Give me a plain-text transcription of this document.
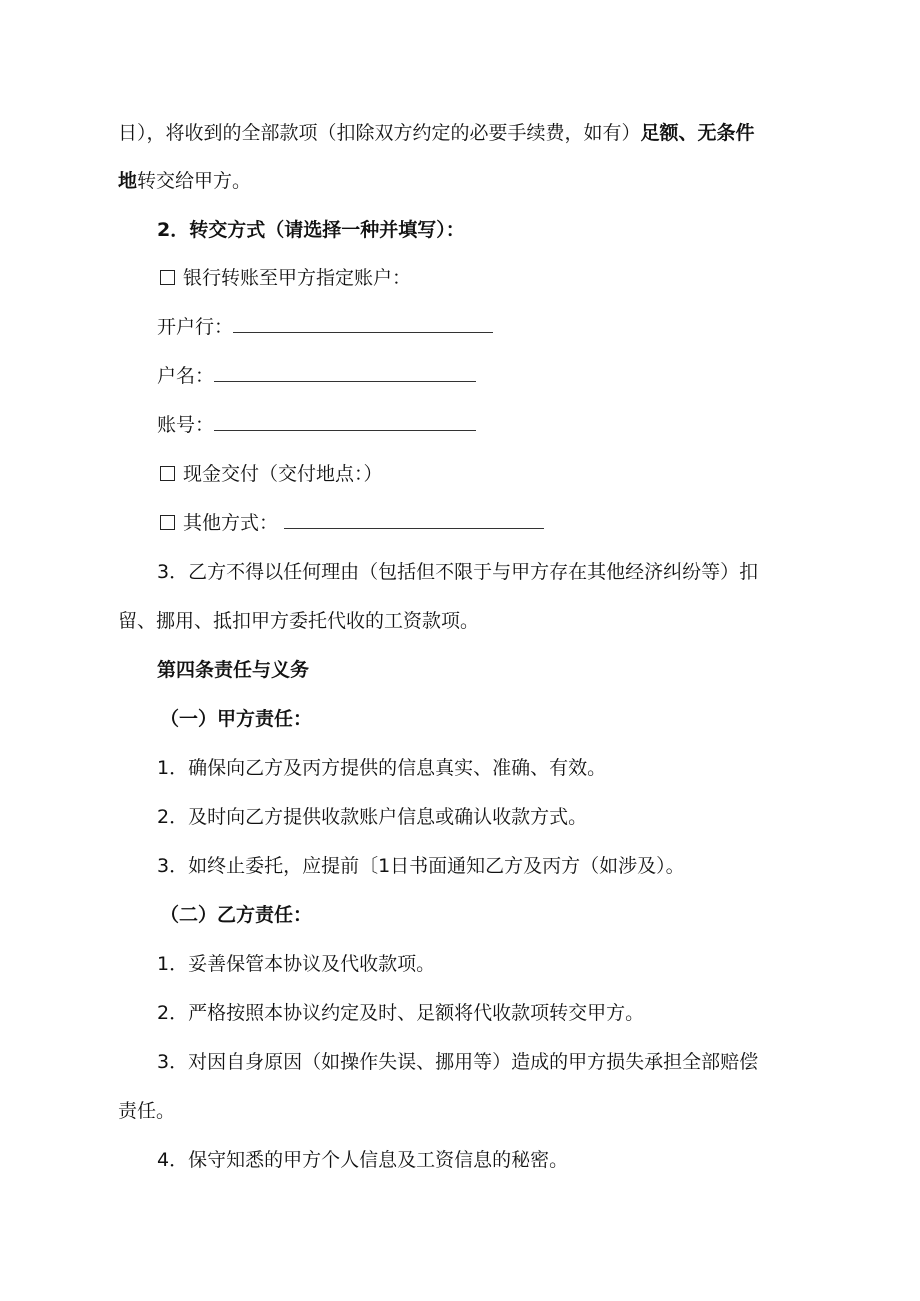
日），将收到的全部款项（扣除双方约定的必要手续费，如有）足额、无条件
地转交给甲方。
2．转交方式（请选择一种并填写）：
银行转账至甲方指定账户：
开户行：
户名：
账号：
现金交付（交付地点：）
其他方式：
3．乙方不得以任何理由（包括但不限于与甲方存在其他经济纠纷等）扣
留、挪用、抵扣甲方委托代收的工资款项。
第四条责任与义务
（一）甲方责任：
1．确保向乙方及丙方提供的信息真实、准确、有效。
2．及时向乙方提供收款账户信息或确认收款方式。
3．如终止委托，应提前〔1日书面通知乙方及丙方（如涉及）。
（二）乙方责任：
1．妥善保管本协议及代收款项。
2．严格按照本协议约定及时、足额将代收款项转交甲方。
3．对因自身原因（如操作失误、挪用等）造成的甲方损失承担全部赔偿
责任。
4．保守知悉的甲方个人信息及工资信息的秘密。
